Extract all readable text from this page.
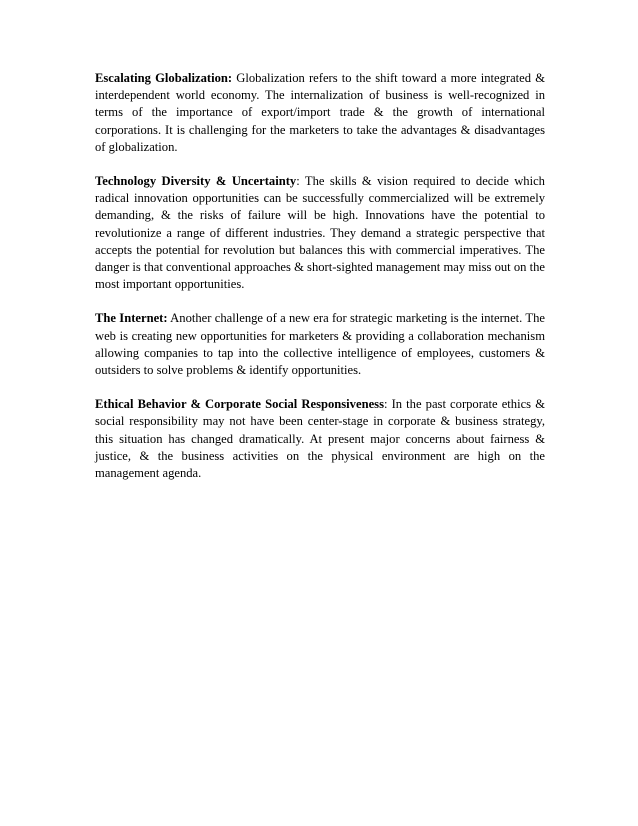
Escalating Globalization: Globalization refers to the shift toward a more integrated & interdependent world economy. The internalization of business is well-recognized in terms of the importance of export/import trade & the growth of international corporations. It is challenging for the marketers to take the advantages & disadvantages of globalization.

Technology Diversity & Uncertainty: The skills & vision required to decide which radical innovation opportunities can be successfully commercialized will be extremely demanding, & the risks of failure will be high. Innovations have the potential to revolutionize a range of different industries. They demand a strategic perspective that accepts the potential for revolution but balances this with commercial imperatives. The danger is that conventional approaches & short-sighted management may miss out on the most important opportunities.

The Internet: Another challenge of a new era for strategic marketing is the internet. The web is creating new opportunities for marketers & providing a collaboration mechanism allowing companies to tap into the collective intelligence of employees, customers & outsiders to solve problems & identify opportunities.

Ethical Behavior & Corporate Social Responsiveness: In the past corporate ethics & social responsibility may not have been center-stage in corporate & business strategy, this situation has changed dramatically. At present major concerns about fairness & justice, & the business activities on the physical environment are high on the management agenda.
